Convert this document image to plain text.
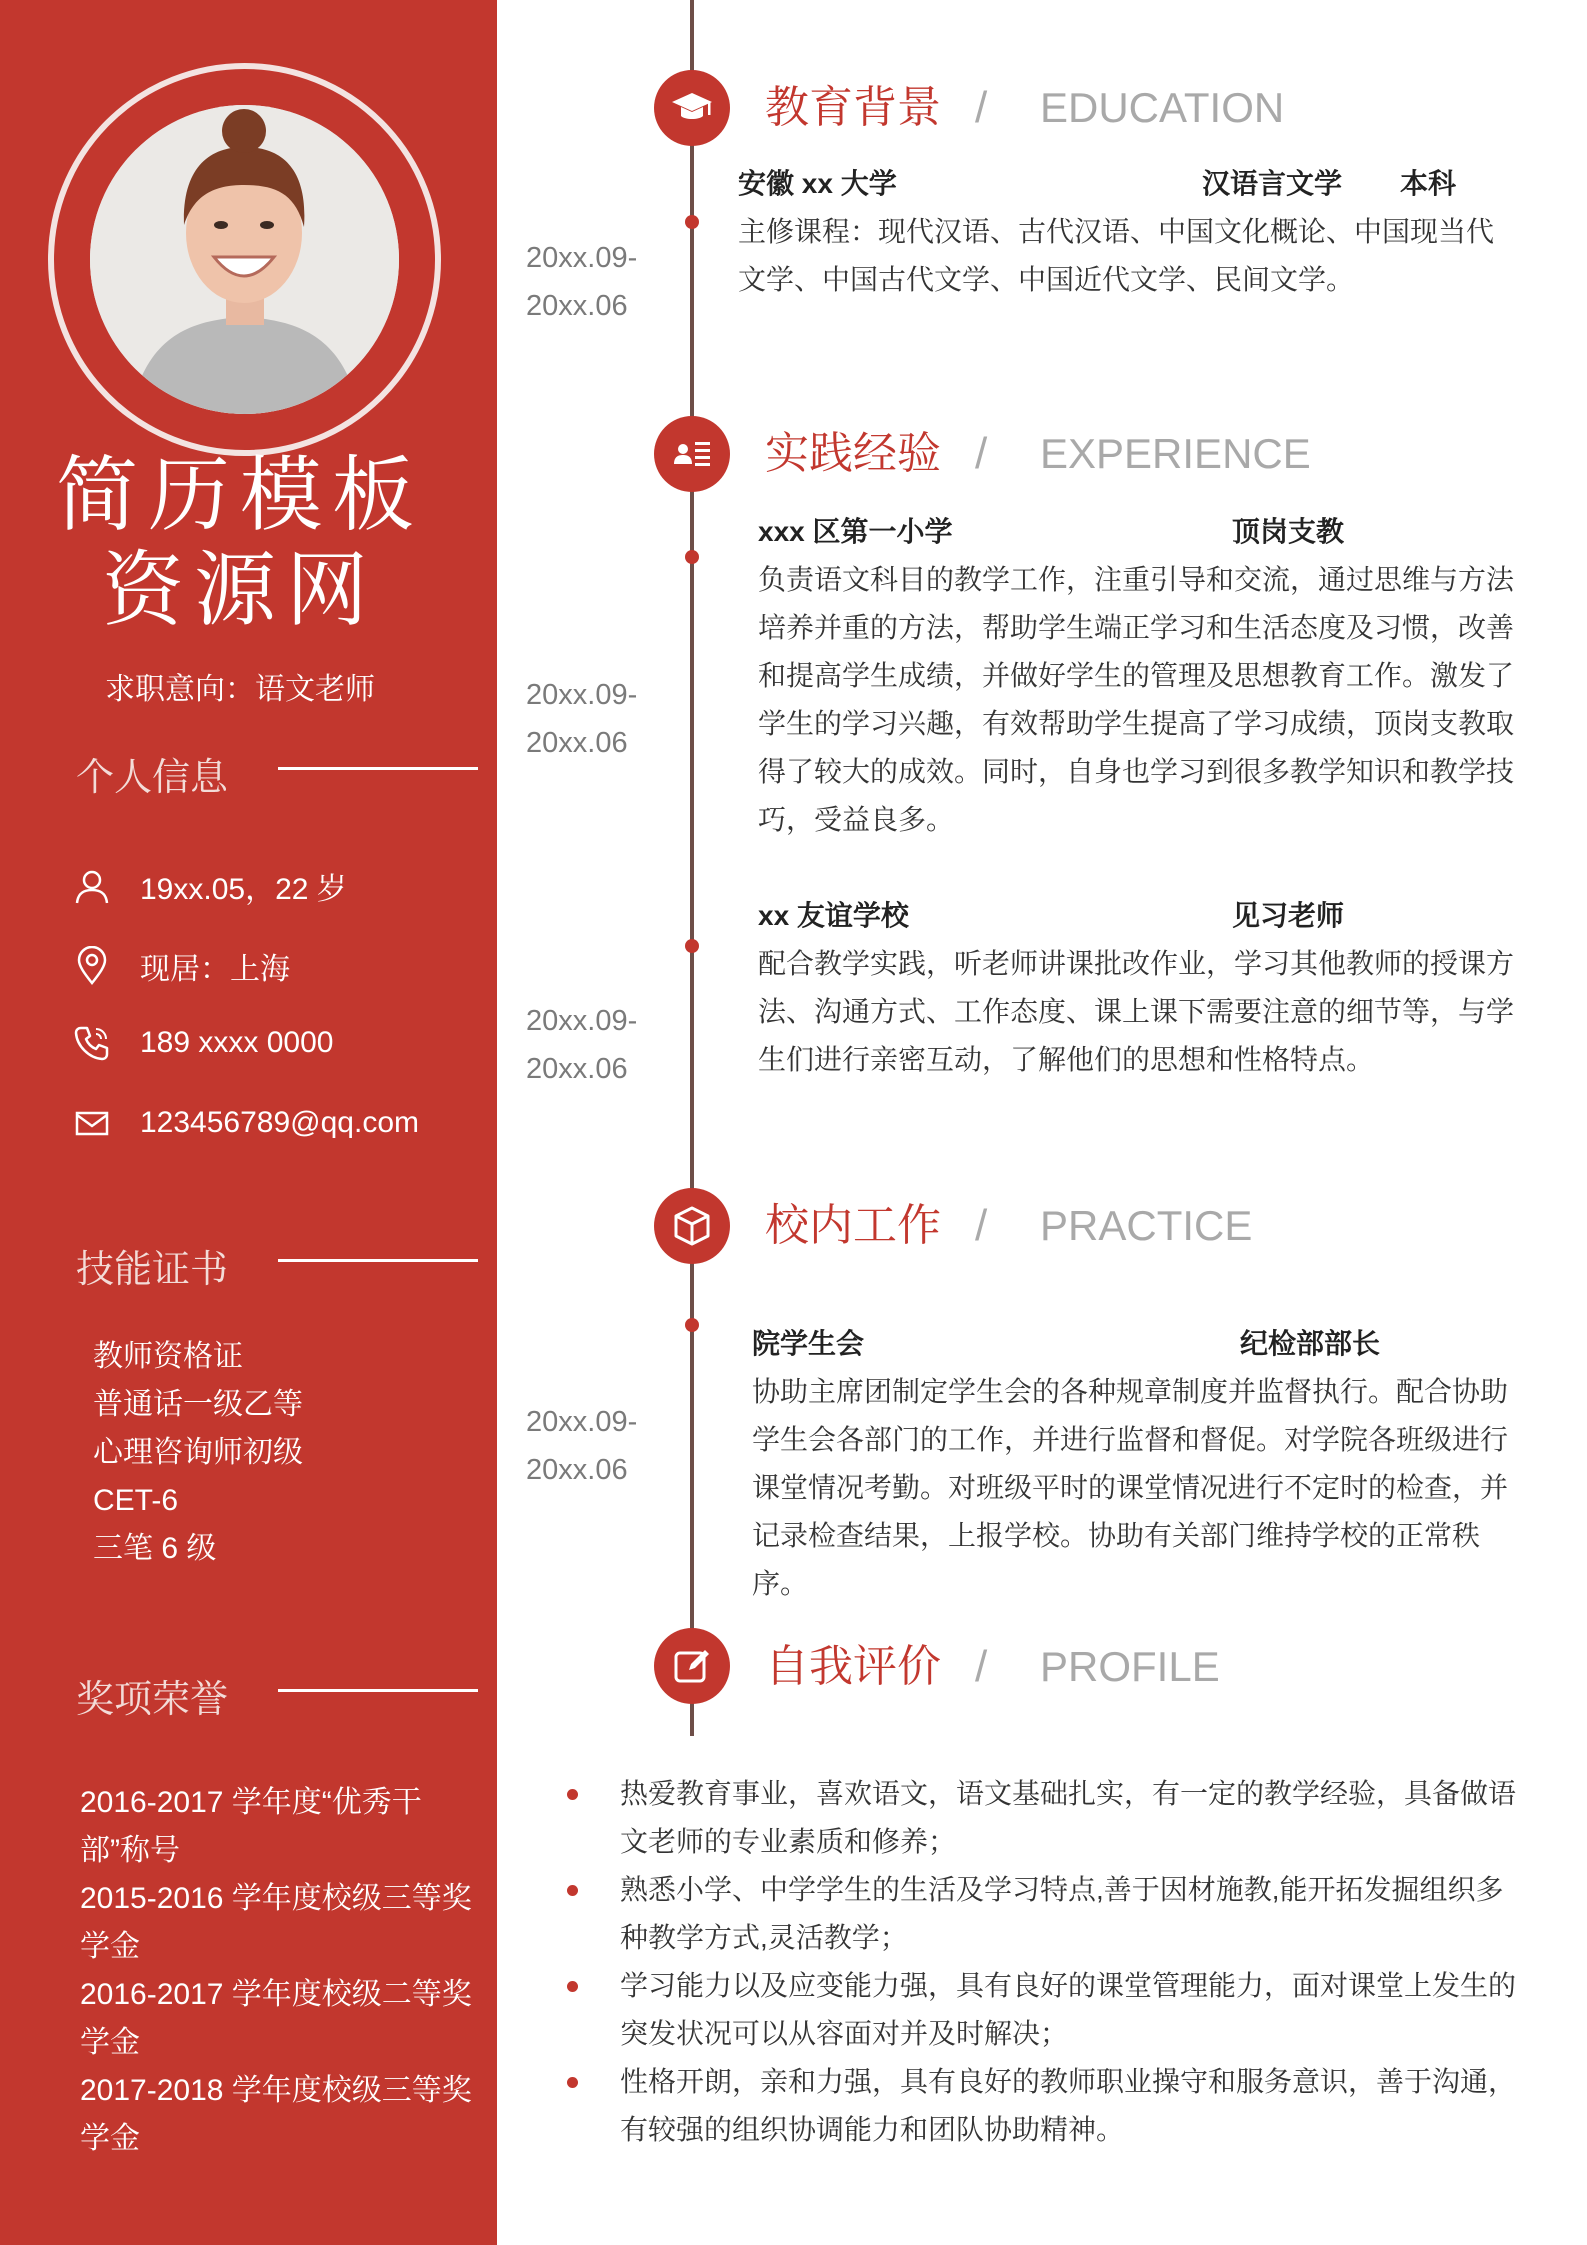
简历模板
资源网
求职意向：语文老师
个人信息
19xx.05，22 岁
现居：上海
189 xxxx 0000
123456789@qq.com
技能证书
教师资格证
普通话一级乙等
心理咨询师初级
CET-6
三笔 6 级
奖项荣誉
2016-2017 学年度“优秀干部”称号
2015-2016 学年度校级三等奖学金
2016-2017 学年度校级二等奖学金
2017-2018 学年度校级三等奖学金
教育背景 / EDUCATION
20xx.09-
20xx.06
安徽 xx 大学	汉语言文学 本科

主修课程：现代汉语、古代汉语、中国文化概论、中国现当代文学、中国古代文学、中国近代文学、民间文学。

实践经验 / EXPERIENCE
20xx.09-
20xx.06
xxx 区第一小学	顶岗支教

负责语文科目的教学工作，注重引导和交流，通过思维与方法培养并重的方法，帮助学生端正学习和生活态度及习惯，改善和提高学生成绩，并做好学生的管理及思想教育工作。激发了学生的学习兴趣，有效帮助学生提高了学习成绩，顶岗支教取得了较大的成效。同时，自身也学习到很多教学知识和教学技巧，受益良多。

20xx.09-
20xx.06
xx 友谊学校	见习老师

配合教学实践，听老师讲课批改作业，学习其他教师的授课方法、沟通方式、工作态度、课上课下需要注意的细节等，与学生们进行亲密互动，了解他们的思想和性格特点。

校内工作 / PRACTICE
20xx.09-
20xx.06
院学生会	纪检部部长

协助主席团制定学生会的各种规章制度并监督执行。配合协助学生会各部门的工作，并进行监督和督促。对学院各班级进行课堂情况考勤。对班级平时的课堂情况进行不定时的检查，并记录检查结果，上报学校。协助有关部门维持学校的正常秩序。

自我评价 / PROFILE
热爱教育事业，喜欢语文，语文基础扎实，有一定的教学经验，具备做语文老师的专业素质和修养；
熟悉小学、中学学生的生活及学习特点,善于因材施教,能开拓发掘组织多种教学方式,灵活教学；
学习能力以及应变能力强，具有良好的课堂管理能力，面对课堂上发生的突发状况可以从容面对并及时解决；
性格开朗，亲和力强，具有良好的教师职业操守和服务意识，善于沟通，有较强的组织协调能力和团队协助精神。
